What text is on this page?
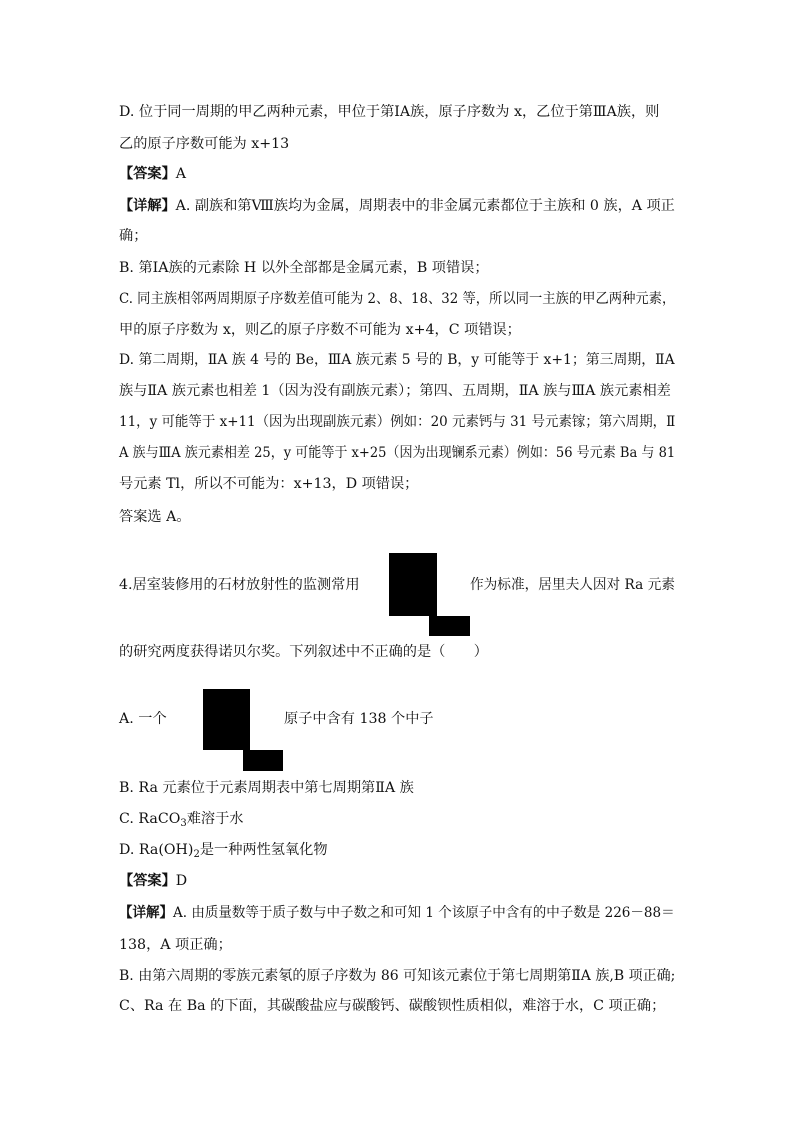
D. 位于同一周期的甲乙两种元素，甲位于第ⅠA族，原子序数为 x，乙位于第ⅢA族，则
乙的原子序数可能为 x+13
【答案】A
【详解】A. 副族和第Ⅷ族均为金属，周期表中的非金属元素都位于主族和 0 族，A 项正
确；
B. 第ⅠA族的元素除 H 以外全部都是金属元素，B 项错误；
C. 同主族相邻两周期原子序数差值可能为 2、8、18、32 等，所以同一主族的甲乙两种元素，
甲的原子序数为 x，则乙的原子序数不可能为 x+4，C 项错误；
D. 第二周期，ⅡA 族 4 号的 Be，ⅢA 族元素 5 号的 B，y 可能等于 x+1；第三周期，ⅡA
族与ⅡA 族元素也相差 1（因为没有副族元素）；第四、五周期，ⅡA 族与ⅢA 族元素相差
11，y 可能等于 x+11（因为出现副族元素）例如：20 元素钙与 31 号元素镓；第六周期，Ⅱ
A 族与ⅢA 族元素相差 25，y 可能等于 x+25（因为出现镧系元素）例如：56 号元素 Ba 与 81
号元素 Tl，所以不可能为：x+13，D 项错误；
答案选 A。
4.居室装修用的石材放射性的监测常用	作为标准，居里夫人因对 Ra 元素
的研究两度获得诺贝尔奖。下列叙述中不正确的是（　　）
A. 一个	原子中含有 138 个中子
B. Ra 元素位于元素周期表中第七周期第ⅡA 族
C. RaCO$_3$难溶于水
D. $Ra(OH)_2$是一种两性氢氧化物
【答案】D
【详解】A. 由质量数等于质子数与中子数之和可知 1 个该原子中含有的中子数是 226－88＝
138，A 项正确；
B. 由第六周期的零族元素氡的原子序数为 86 可知该元素位于第七周期第ⅡA 族,B 项正确;
C、Ra 在 Ba 的下面，其碳酸盐应与碳酸钙、碳酸钡性质相似，难溶于水，C 项正确；
